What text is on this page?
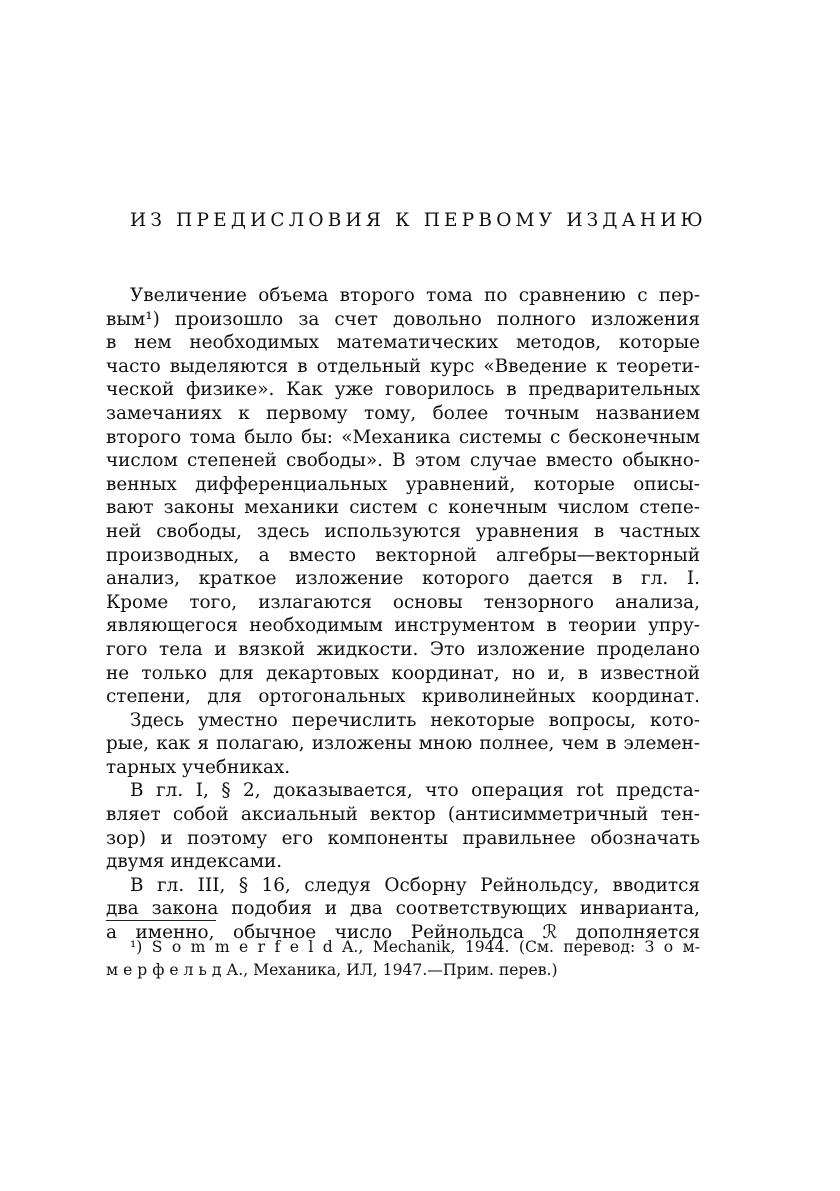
ИЗ ПРЕДИСЛОВИЯ К ПЕРВОМУ ИЗДАНИЮ
Увеличение объема второго тома по сравнению с пер-
вым¹) произошло за счет довольно полного изложения
в нем необходимых математических методов, которые
часто выделяются в отдельный курс «Введение к теорети-
ческой физике». Как уже говорилось в предварительных
замечаниях к первому тому, более точным названием
второго тома было бы: «Механика системы с бесконечным
числом степеней свободы». В этом случае вместо обыкно-
венных дифференциальных уравнений, которые описы-
вают законы механики систем с конечным числом степе-
ней свободы, здесь используются уравнения в частных
производных, а вместо векторной алгебры—векторный
анализ, краткое изложение которого дается в гл. I.
Кроме того, излагаются основы тензорного анализа,
являющегося необходимым инструментом в теории упру-
гого тела и вязкой жидкости. Это изложение проделано
не только для декартовых координат, но и, в известной
степени, для ортогональных криволинейных координат.
Здесь уместно перечислить некоторые вопросы, кото-
рые, как я полагаю, изложены мною полнее, чем в элемен-
тарных учебниках.
В гл. I, § 2, доказывается, что операция rot предста-
вляет собой аксиальный вектор (антисимметричный тен-
зор) и поэтому его компоненты правильнее обозначать
двумя индексами.
В гл. III, § 16, следуя Осборну Рейнольдсу, вводится
два закона подобия и два соответствующих инварианта,
а именно, обычное число Рейнольдса ℛ дополняется
¹) S o m m e r f e l d A., Mechanik, 1944. (См. перевод: З о м-
м е р ф е л ь д А., Механика, ИЛ, 1947.—Прим. перев.)
